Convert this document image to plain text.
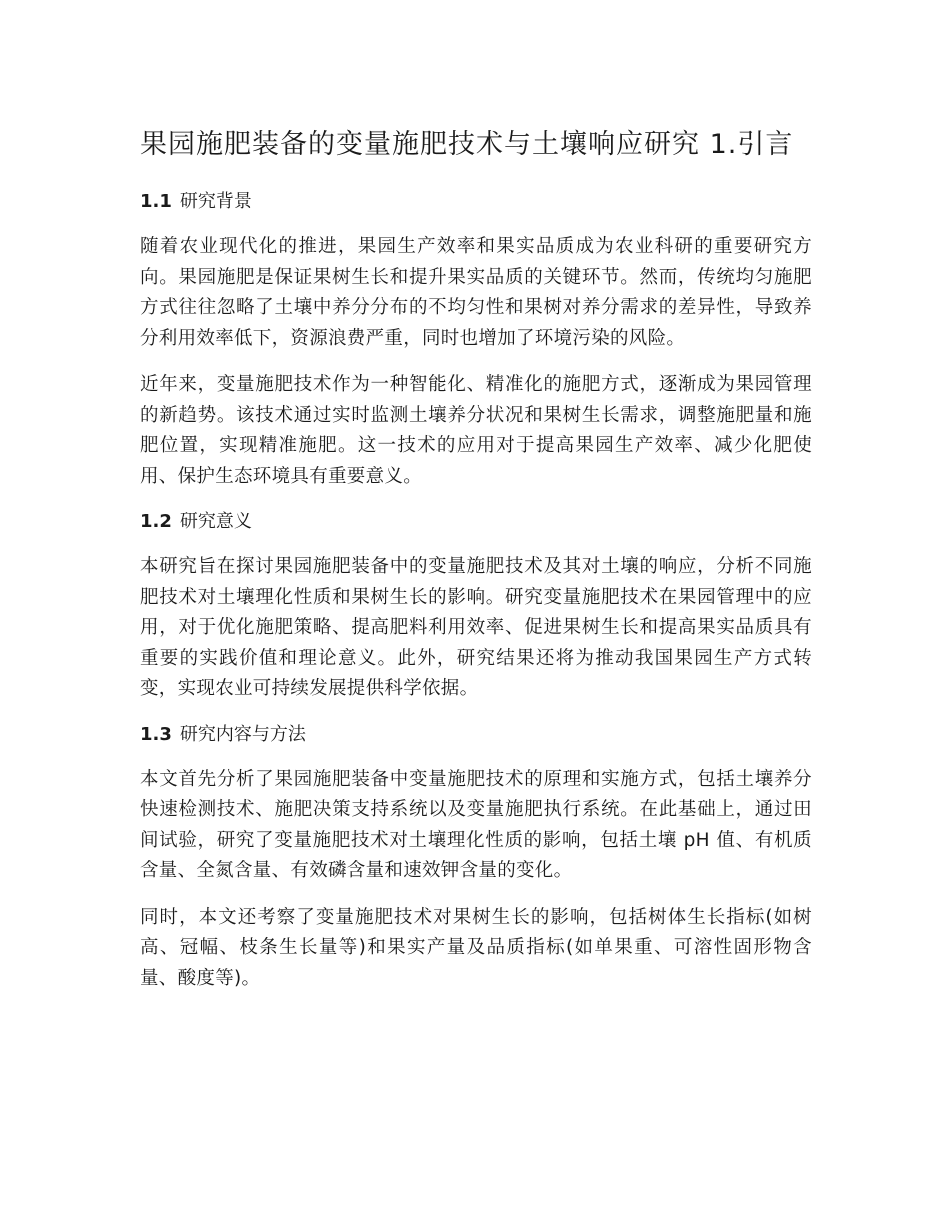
果园施肥装备的变量施肥技术与土壤响应研究 1.引言
1.1 研究背景

随着农业现代化的推进，果园生产效率和果实品质成为农业科研的重要研究方向。果园施肥是保证果树生长和提升果实品质的关键环节。然而，传统均匀施肥方式往往忽略了土壤中养分分布的不均匀性和果树对养分需求的差异性，导致养分利用效率低下，资源浪费严重，同时也增加了环境污染的风险。

近年来，变量施肥技术作为一种智能化、精准化的施肥方式，逐渐成为果园管理的新趋势。该技术通过实时监测土壤养分状况和果树生长需求，调整施肥量和施肥位置，实现精准施肥。这一技术的应用对于提高果园生产效率、减少化肥使用、保护生态环境具有重要意义。

1.2 研究意义

本研究旨在探讨果园施肥装备中的变量施肥技术及其对土壤的响应，分析不同施肥技术对土壤理化性质和果树生长的影响。研究变量施肥技术在果园管理中的应用，对于优化施肥策略、提高肥料利用效率、促进果树生长和提高果实品质具有重要的实践价值和理论意义。此外，研究结果还将为推动我国果园生产方式转变，实现农业可持续发展提供科学依据。

1.3 研究内容与方法

本文首先分析了果园施肥装备中变量施肥技术的原理和实施方式，包括土壤养分快速检测技术、施肥决策支持系统以及变量施肥执行系统。在此基础上，通过田间试验，研究了变量施肥技术对土壤理化性质的影响，包括土壤 pH 值、有机质含量、全氮含量、有效磷含量和速效钾含量的变化。

同时，本文还考察了变量施肥技术对果树生长的影响，包括树体生长指标(如树高、冠幅、枝条生长量等)和果实产量及品质指标(如单果重、可溶性固形物含量、酸度等)。
